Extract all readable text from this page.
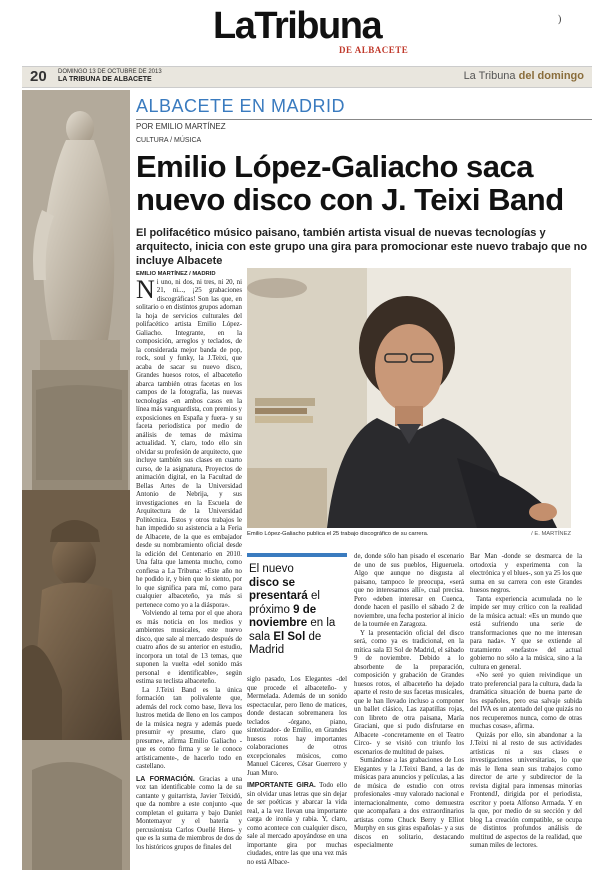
LaTribuna
DE ALBACETE
)
20 DOMINGO 13 DE OCTUBRE DE 2013
LA TRIBUNA DE ALBACETE	La Tribuna del domingo
ALBACETE EN MADRID
POR EMILIO MARTÍNEZ
CULTURA / MÚSICA
Emilio López-Galiacho saca nuevo disco con J. Teixi Band
El polifacético músico paisano, también artista visual de nuevas tecnologías y arquitecto, inicia con este grupo una gira para promocionar este nuevo trabajo que no incluye Albacete

EMILIO MARTÍNEZ / MADRID

Ni uno, ni dos, ni tres, ni 20, ni 21, ni..., ¡25 grabaciones discográficas! Son las que, en solitario o en distintos grupos adornan la hoja de servicios culturales del polifacético artista Emilio López-Galiacho. Integrante, en la composición, arreglos y teclados, de la considerada mejor banda de pop, rock, soul y funky, la J.Teixi, que acaba de sacar su nuevo disco, Grandes huesos rotos, el albaceteño abarca también otras facetas en los campos de la fotografía, las nuevas tecnologías -en ambos casos en la línea más vanguardista, con premios y exposiciones en España y fuera- y su faceta periodística por medio de análisis de temas de máxima actualidad. Y, claro, todo ello sin olvidar su profesión de arquitecto, que incluye también sus clases en cuarto curso, de la asignatura, Proyectos de animación digital, en la Facultad de Bellas Artes de la Universidad Antonio de Nebrija, y sus investigaciones en la Escuela de Arquitectura de la Universidad Politécnica. Estos y otros trabajos le han impedido su asistencia a la Feria de Albacete, de la que es embajador desde su nombramiento oficial desde la edición del Centenario en 2010. Una falta que lamenta mucho, como confiesa a La Tribuna: «Este año no he podido ir, y bien que lo siento, por lo que significa para mí, como para cualquier albaceteño, ya más si pertenece como yo a la diáspora».

Volviendo al tema por el que ahora es más noticia en los medios y ambientes musicales, este nuevo disco, que sale al mercado después de cuatro años de su anterior en estudio, incorpora un total de 13 temas, que suponen la vuelta «del sonido más personal e identificable», según estima su teclista albaceteño.

La J.Teixi Band es la única formación tan polivalente que, además del rock como base, lleva los lustros metida de lleno en los campos de la música negra y además puede presumir «y presume, claro que presume», afirma Emilio Galiacho -que es como firma y se le conoce artísticamente-, de hacerlo todo en castellano.

LA FORMACIÓN. Gracias a una voz tan identificable como la de su cantante y guitarrista, Javier Teixidó, que da nombre a este conjunto -que completan el guitarra y bajo Daniel Montemayor y el batería y percusionista Carlos Ouellé Hens- y que es la suma de miembros de dos de los históricos grupos de finales del

/ E. MARTÍNEZ
Emilio López-Galiacho publica el 25 trabajo discográfico de su carrera.
El nuevo
disco se presentará el próximo 9 de noviembre en la sala El Sol de Madrid

siglo pasado, Los Elegantes -del que procede el albaceteño- y Mermelada. Además de un sonido espectacular, pero lleno de matices, donde destacan sobremanera los teclados -órgano, piano, sintetizador- de Emilio, en Grandes huesos rotos hay importantes colaboraciones de otros excepcionales músicos, como Manuel Cáceres, César Guerrero y Juan Muro.

IMPORTANTE GIRA. Todo ello sin olvidar unas letras que sin dejar de ser poéticas y abarcar la vida real, a la vez llevan una importante carga de ironía y rabia. Y, claro, como acontece con cualquier disco, sale al mercado apoyándose en una importante gira por muchas ciudades, entre las que una vez más no está Albace-

de, donde sólo han pisado el escenario de uno de sus pueblos, Higueruela. Algo que aunque no disgusta al paisano, tampoco le preocupa, «será que no interesamos allí», cual precisa. Pero «deben interesar en Cuenca, donde hacen el pasillo el sábado 2 de noviembre, una fecha posterior al inicio de la tournée en Zaragoza.

Y la presentación oficial del disco será, como ya es tradicional, en la mítica sala El Sol de Madrid, el sábado 9 de noviembre. Debido a lo absorbente de la preparación, composición y grabación de Grandes huesos rotos, el albaceteño ha dejado aparte el resto de sus facetas musicales, que le han llevado incluso a componer un ballet clásico, Las zapatillas rojas, con libreto de otra paisana, María Graciani, que si pudo disfrutarse en Albacete -concretamente en el Teatro Circo- y se visitó con triunfo los escenarios de multitud de países.

Sumándose a las grabaciones de Los Elegantes y la J.Teixi Band, a las de músicas para anuncios y películas, a las de música de estudio con otros profesionales -muy valorado nacional e internacionalmente, como demuestra que acompañara a dos extraordinarios artistas como Chuck Berry y Elliot Murphy en sus giras españolas- y a sus discos en solitario, destacando especialmente

Bar Man -donde se desmarca de la ortodoxia y experimenta con la electrónica y el blues-, son ya 25 los que suma en su carrera con este Grandes huesos negros.

Tanta experiencia acumulada no le impide ser muy crítico con la realidad de la música actual: «Es un mundo que está sufriendo una serie de transformaciones que no me interesan para nada». Y que se extiende al tratamiento «nefasto» del actual gobierno no sólo a la música, sino a la cultura en general.

«No seré yo quien reivindique un trato preferencial para la cultura, dada la dramática situación de buena parte de los españoles, pero esa salvaje subida del IVA es un atentado del que quizás no nos recuperemos nunca, como de otras muchas cosas», afirma.

Quizás por ello, sin abandonar a la J.Teixi ni al resto de sus actividades artísticas ni a sus clases e investigaciones universitarias, lo que más le llena sean sus trabajos como director de arte y subdirector de la revista digital para inmensas minorías FrontendJ, dirigida por el periodista, escritor y poeta Alfonso Armada. Y en la que, por medio de su sección y del blog La creación compatible, se ocupa de distintos profundos análisis de multitud de aspectos de la realidad, que suman miles de lectores.
